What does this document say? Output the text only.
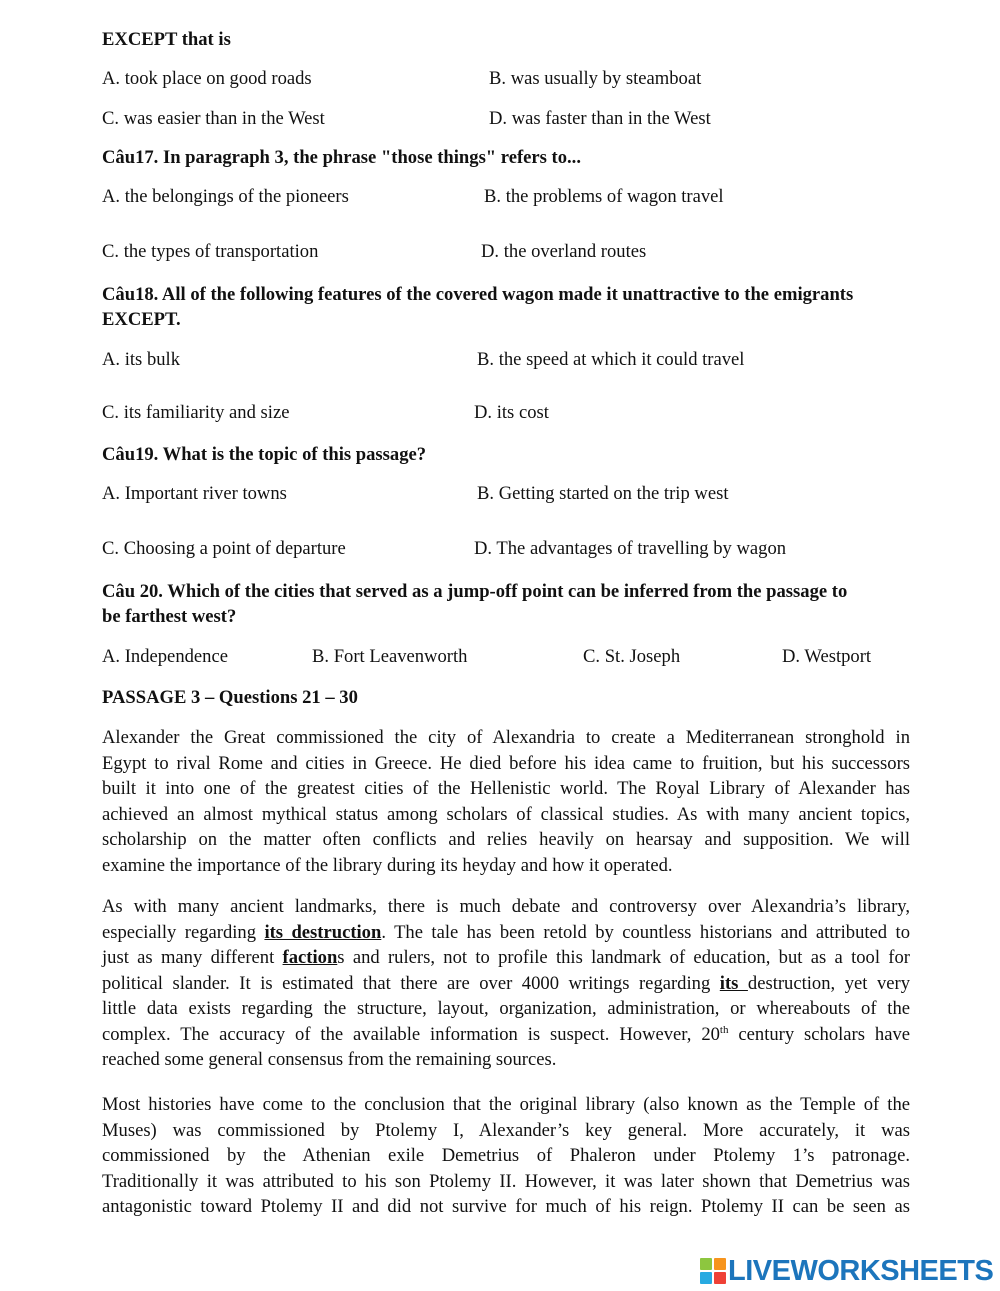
EXCEPT that is
A. took place on good roads	B. was usually by steamboat
C. was easier than in the West	D. was faster than in the West
Câu17. In paragraph 3, the phrase "those things" refers to...
A. the belongings of the pioneers	B. the problems of wagon travel
C. the types of transportation	D. the overland routes
Câu18. All of the following features of the covered wagon made it unattractive to the emigrants
EXCEPT.
A. its bulk	B. the speed at which it could travel
C. its familiarity and size	D. its cost
Câu19. What is the topic of this passage?
A. Important river towns	B. Getting started on the trip west
C. Choosing a point of departure	D. The advantages of travelling by wagon
Câu 20. Which of the cities that served as a jump-off point can be inferred from the passage to
be farthest west?
A. Independence	B. Fort Leavenworth	C. St. Joseph	D. Westport
PASSAGE 3 – Questions 21 – 30
Alexander the Great commissioned the city of Alexandria to create a Mediterranean stronghold in
Egypt to rival Rome and cities in Greece. He died before his idea came to fruition, but his successors
built it into one of the greatest cities of the Hellenistic world. The Royal Library of Alexander has
achieved an almost mythical status among scholars of classical studies. As with many ancient topics,
scholarship on the matter often conflicts and relies heavily on hearsay and supposition. We will
examine the importance of the library during its heyday and how it operated.
As with many ancient landmarks, there is much debate and controversy over Alexandria’s library,
especially regarding its destruction. The tale has been retold by countless historians and attributed to
just as many different factions and rulers, not to profile this landmark of education, but as a tool for
political slander. It is estimated that there are over 4000 writings regarding its destruction, yet very
little data exists regarding the structure, layout, organization, administration, or whereabouts of the
complex. The accuracy of the available information is suspect. However, 20th century scholars have
reached some general consensus from the remaining sources.
Most histories have come to the conclusion that the original library (also known as the Temple of the
Muses) was commissioned by Ptolemy I, Alexander’s key general. More accurately, it was
commissioned by the Athenian exile Demetrius of Phaleron under Ptolemy 1’s patronage.
Traditionally it was attributed to his son Ptolemy II. However, it was later shown that Demetrius was
antagonistic toward Ptolemy II and did not survive for much of his reign. Ptolemy II can be seen as
LIVEWORKSHEETS
